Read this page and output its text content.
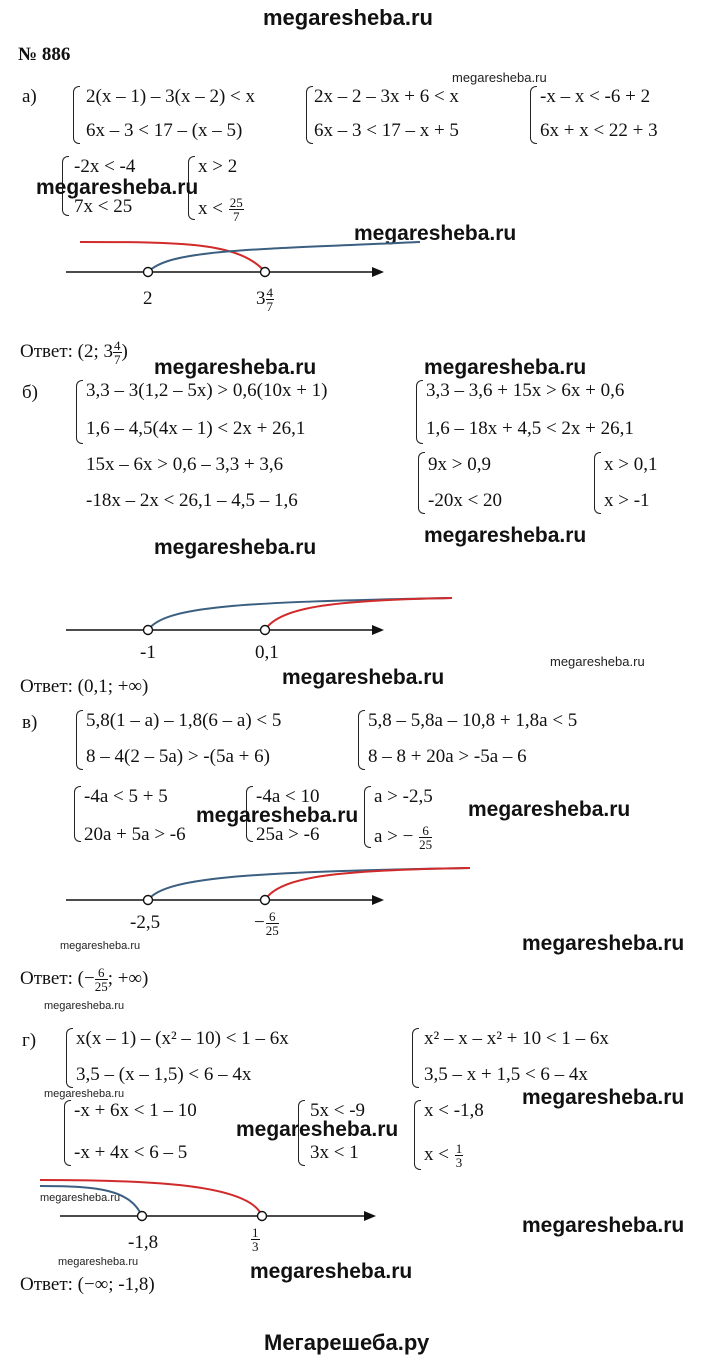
megaresheba.ru
№ 886
а)	2(x – 1) – 3(x – 2) < x
6x – 3 < 17 – (x – 5)
2x – 2 – 3x + 6 < x
6x – 3 < 17 – x + 5
-x – x < -6 + 2
6x + x < 22 + 3
megaresheba.ru
-2x < -4
7x < 25
x > 2
$x < \frac{25}{7}$
megaresheba.ru
megaresheba.ru
2	$3 \frac{4}{7}$
Ответ: (2; $3 \frac{4}{7}$ )
megaresheba.ru	megaresheba.ru
б)	3,3 – 3(1,2 – 5x) > 0,6(10x + 1)
1,6 – 4,5(4x – 1) < 2x + 26,1
3,3 – 3,6 + 15x > 6x + 0,6
1,6 – 18x + 4,5 < 2x + 26,1
15x – 6x > 0,6 – 3,3 + 3,6
-18x – 2x < 26,1 – 4,5 – 1,6
9x > 0,9
-20x < 20
x > 0,1
x > -1
megaresheba.ru
megaresheba.ru
-1	0,1	megaresheba.ru
Ответ: (0,1; +∞)	megaresheba.ru
в)	5,8(1 – a) – 1,8(6 – a) < 5
8 – 4(2 – 5a) > -(5a + 6)
5,8 – 5,8a – 10,8 + 1,8a < 5
8 – 8 + 20a > -5a – 6
-4a < 5 + 5
20a + 5a > -6
-4a < 10
25a > -6
a > -2,5
a > − $\frac{6}{25}$
megaresheba.ru	megaresheba.ru
-2,5	− $\frac{6}{25}$
megaresheba.ru	megaresheba.ru
Ответ: (− $\frac{6}{25}$ ; +∞)
megaresheba.ru
г) x(x – 1) – (x² – 10) < 1 – 6x
3,5 – (x – 1,5) < 6 – 4x
x² – x – x² + 10 < 1 – 6x
3,5 – x + 1,5 < 6 – 4x
-x + 6x < 1 – 10
-x + 4x < 6 – 5
5x < -9
3x < 1
x < -1,8
$x < \frac{1}{3}$
megaresheba.ru
megaresheba.ru
megaresheba.ru
megaresheba.ru
-1,8	$\frac{1}{3}$
megaresheba.ru
megaresheba.ru
Ответ: (−∞; -1,8)
megaresheba.ru
Мегарешеба.ру
